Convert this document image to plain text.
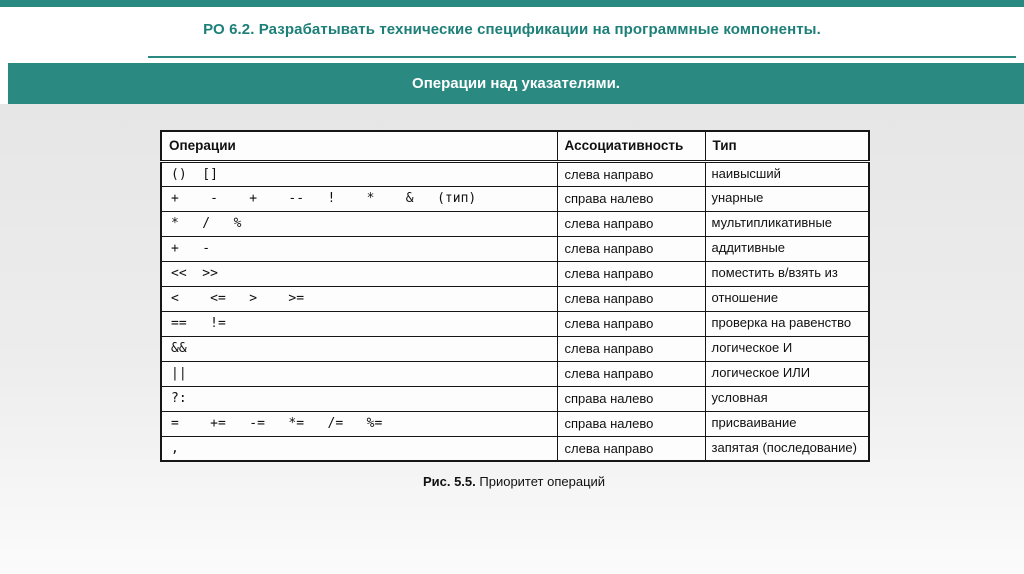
РО 6.2. Разрабатывать технические спецификации на программные компоненты.
Операции над указателями.
Операции	Ассоциативность	Тип
()  []	слева направо	наивысший
+    -    +    --   !    *    &   (тип)	справа налево	унарные
*   /   %	слева направо	мультипликативные
+   -	слева направо	аддитивные
<<  >>	слева направо	поместить в/взять из
<    <=   >    >=	слева направо	отношение
==   !=	слева направо	проверка на равенство
&&	слева направо	логическое И
||	слева направо	логическое ИЛИ
?:	справа налево	условная
=    +=   -=   *=   /=   %=	справа налево	присваивание
,	слева направо	запятая (последование)
Рис. 5.5. Приоритет операций
